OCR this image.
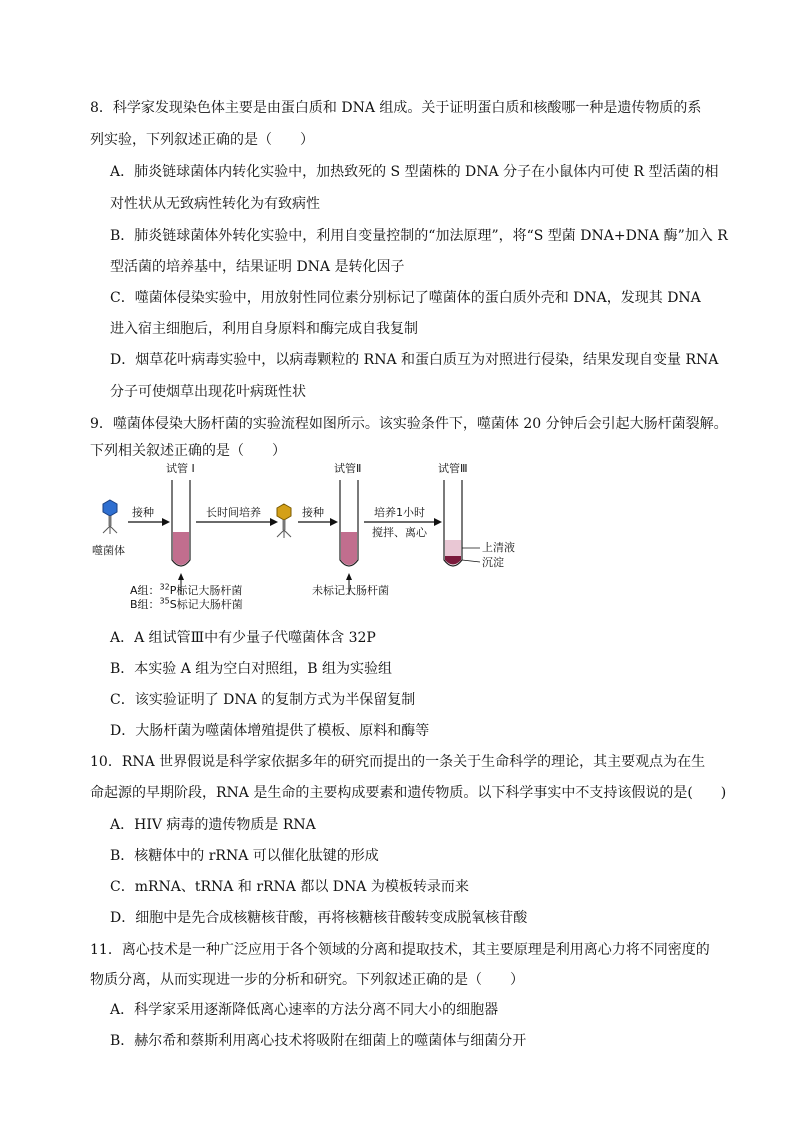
8．科学家发现染色体主要是由蛋白质和 DNA 组成。关于证明蛋白质和核酸哪一种是遗传物质的系
列实验，下列叙述正确的是（　　）
A．肺炎链球菌体内转化实验中，加热致死的 S 型菌株的 DNA 分子在小鼠体内可使 R 型活菌的相
对性状从无致病性转化为有致病性
B．肺炎链球菌体外转化实验中，利用自变量控制的“加法原理”，将“S 型菌 DNA+DNA 酶”加入 R
型活菌的培养基中，结果证明 DNA 是转化因子
C．噬菌体侵染实验中，用放射性同位素分别标记了噬菌体的蛋白质外壳和 DNA，发现其 DNA
进入宿主细胞后，利用自身原料和酶完成自我复制
D．烟草花叶病毒实验中，以病毒颗粒的 RNA 和蛋白质互为对照进行侵染，结果发现自变量 RNA
分子可使烟草出现花叶病斑性状
9．噬菌体侵染大肠杆菌的实验流程如图所示。该实验条件下，噬菌体 20 分钟后会引起大肠杆菌裂解。
下列相关叙述正确的是（　　）
试管 I	试管Ⅱ	试管Ⅲ
噬菌体
接种	长时间培养	接种	培养1小时
搅拌、离心
上清液
沉淀
A组：$^{32}$P标记大肠杆菌
B组：$^{35}$S标记大肠杆菌
未标记大肠杆菌
A．A 组试管Ⅲ中有少量子代噬菌体含 32P
B．本实验 A 组为空白对照组，B 组为实验组
C．该实验证明了 DNA 的复制方式为半保留复制
D．大肠杆菌为噬菌体增殖提供了模板、原料和酶等
10．RNA 世界假说是科学家依据多年的研究而提出的一条关于生命科学的理论，其主要观点为在生
命起源的早期阶段，RNA 是生命的主要构成要素和遗传物质。以下科学事实中不支持该假说的是(　　)
A．HIV 病毒的遗传物质是 RNA
B．核糖体中的 rRNA 可以催化肽键的形成
C．mRNA、tRNA 和 rRNA 都以 DNA 为模板转录而来
D．细胞中是先合成核糖核苷酸，再将核糖核苷酸转变成脱氧核苷酸
11．离心技术是一种广泛应用于各个领域的分离和提取技术，其主要原理是利用离心力将不同密度的
物质分离，从而实现进一步的分析和研究。下列叙述正确的是（　　）
A．科学家采用逐渐降低离心速率的方法分离不同大小的细胞器
B．赫尔希和蔡斯利用离心技术将吸附在细菌上的噬菌体与细菌分开
